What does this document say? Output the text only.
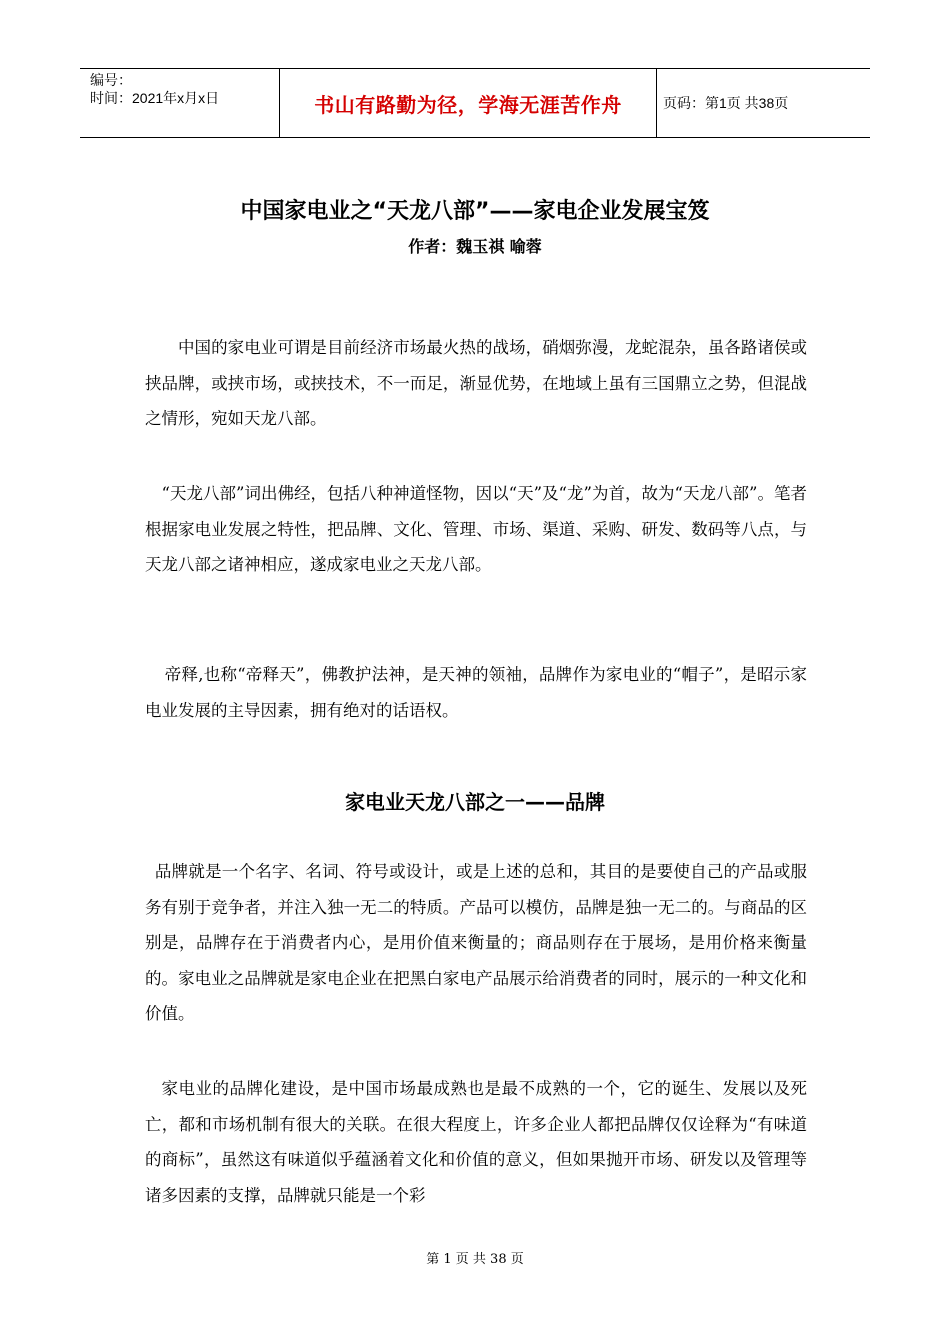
编号：
时间：2021年x月x日	书山有路勤为径，学海无涯苦作舟	页码：第1页 共38页
中国家电业之“天龙八部”——家电企业发展宝笈
作者：魏玉祺 喻蓉
中国的家电业可谓是目前经济市场最火热的战场，硝烟弥漫，龙蛇混杂，虽各路诸侯或挟品牌，或挟市场，或挟技术，不一而足，渐显优势，在地域上虽有三国鼎立之势，但混战之情形，宛如天龙八部。
“天龙八部”词出佛经，包括八种神道怪物，因以“天”及“龙”为首，故为“天龙八部”。笔者根据家电业发展之特性，把品牌、文化、管理、市场、渠道、采购、研发、数码等八点，与天龙八部之诸神相应，遂成家电业之天龙八部。
帝释,也称“帝释天”，佛教护法神，是天神的领袖，品牌作为家电业的“帽子”，是昭示家电业发展的主导因素，拥有绝对的话语权。
家电业天龙八部之一——品牌
品牌就是一个名字、名词、符号或设计，或是上述的总和，其目的是要使自己的产品或服务有别于竞争者，并注入独一无二的特质。产品可以模仿，品牌是独一无二的。与商品的区别是，品牌存在于消费者内心，是用价值来衡量的；商品则存在于展场，是用价格来衡量的。家电业之品牌就是家电企业在把黑白家电产品展示给消费者的同时，展示的一种文化和价值。
家电业的品牌化建设，是中国市场最成熟也是最不成熟的一个，它的诞生、发展以及死亡，都和市场机制有很大的关联。在很大程度上，许多企业人都把品牌仅仅诠释为“有味道的商标”，虽然这有味道似乎蕴涵着文化和价值的意义，但如果抛开市场、研发以及管理等诸多因素的支撑，品牌就只能是一个彩
第 1 页 共 38 页
